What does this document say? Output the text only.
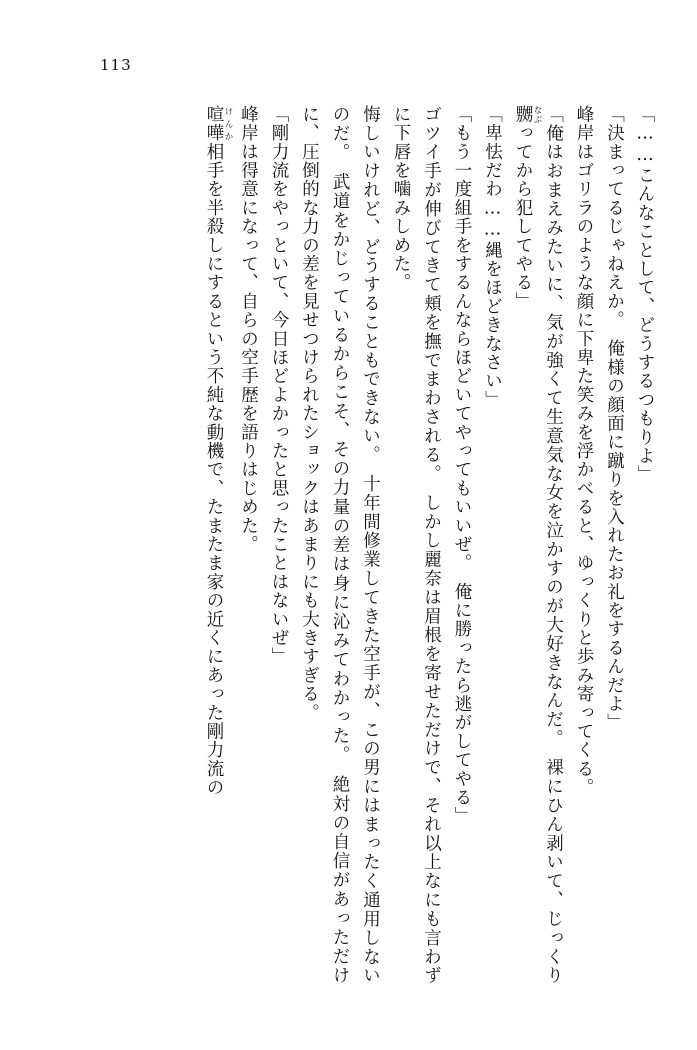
113

「……こんなことして、どうするつもりよ」

「決まってるじゃねえか。　俺様の顔面に蹴りを入れたお礼をするんだよ」

峰岸はゴリラのような顔に下卑た笑みを浮かべると、ゆっくりと歩み寄ってくる。

「俺はおまえみたいに、気が強くて生意気な女を泣かすのが大好きなんだ。　裸にひん剥いて、じっくり嬲 なぶってから犯してやる」

「卑怯だわ……縄をほどきなさい」

「もう一度組手をするんならほどいてやってもいいぜ。　俺に勝ったら逃がしてやる」

ゴツイ手が伸びてきて頬を撫でまわされる。　しかし麗奈は眉根を寄せただけで、それ以上なにも言わずに下唇を噛みしめた。

悔しいけれど、どうすることもできない。　十年間修業してきた空手が、この男にはまったく通用しないのだ。　武道をかじっているからこそ、その力量の差は身に沁みてわかった。　絶対の自信があっただけに、圧倒的な力の差を見せつけられたショックはあまりにも大きすぎる。

「剛力流をやっといて、今日ほどよかったと思ったことはないぜ」

峰岸は得意になって、自らの空手歴を語りはじめた。

喧嘩 けんか相手を半殺しにするという不純な動機で、たまたま家の近くにあった剛力流の
